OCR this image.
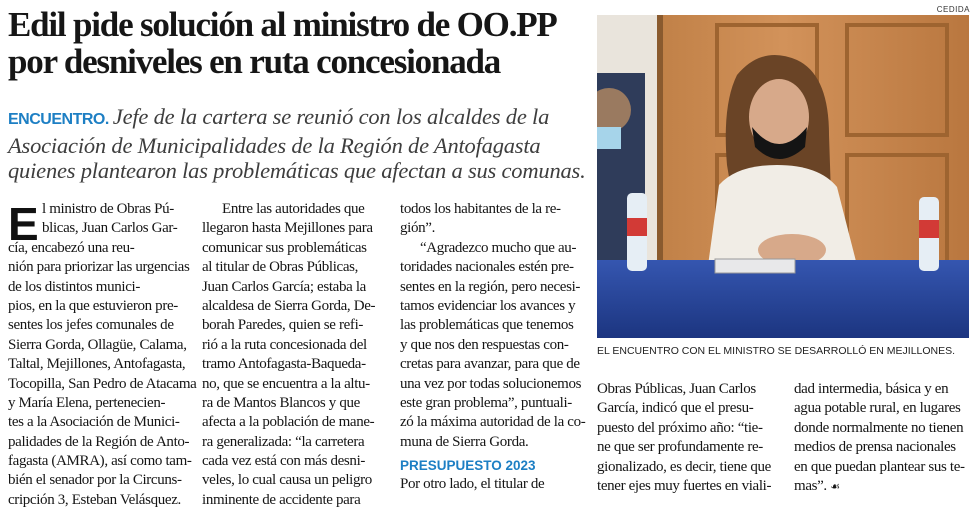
CEDIDA
Edil pide solución al ministro de OO.PP
por desniveles en ruta concesionada
ENCUENTRO. Jefe de la cartera se reunió con los alcaldes de la
Asociación de Municipalidades de la Región de Antofagasta
quienes plantearon las problemáticas que afectan a sus comunas.
EL ENCUENTRO CON EL MINISTRO SE DESARROLLÓ EN MEJILLONES.
E l ministro de Obras Pú-
blicas, Juan Carlos Gar-
cía, encabezó una reu-
nión para priorizar las urgencias
de los distintos munici-
pios, en la que estuvieron pre-
sentes los jefes comunales de
Sierra Gorda, Ollagüe, Calama,
Taltal, Mejillones, Antofagasta,
Tocopilla, San Pedro de Atacama
y María Elena, pertenecien-
tes a la Asociación de Munici-
palidades de la Región de Anto-
fagasta (AMRA), así como tam-
bién el senador por la Circuns-
cripción 3, Esteban Velásquez.
Entre las autoridades que
llegaron hasta Mejillones para
comunicar sus problemáticas
al titular de Obras Públicas,
Juan Carlos García; estaba la
alcaldesa de Sierra Gorda, De-
borah Paredes, quien se refi-
rió a la ruta concesionada del
tramo Antofagasta-Baqueda-
no, que se encuentra a la altu-
ra de Mantos Blancos y que
afecta a la población de mane-
ra generalizada: “la carretera
cada vez está con más desni-
veles, lo cual causa un peligro
inminente de accidente para
todos los habitantes de la re-
gión”.
“Agradezco mucho que au-
toridades nacionales estén pre-
sentes en la región, pero necesi-
tamos evidenciar los avances y
las problemáticas que tenemos
y que nos den respuestas con-
cretas para avanzar, para que de
una vez por todas solucionemos
este gran problema”, puntuali-
zó la máxima autoridad de la co-
muna de Sierra Gorda.
PRESUPUESTO 2023
Por otro lado, el titular de
Obras Públicas, Juan Carlos
García, indicó que el presu-
puesto del próximo año: “tie-
ne que ser profundamente re-
gionalizado, es decir, tiene que
tener ejes muy fuertes en viali-
dad intermedia, básica y en
agua potable rural, en lugares
donde normalmente no tienen
medios de prensa nacionales
en que puedan plantear sus te-
mas”. ☙
